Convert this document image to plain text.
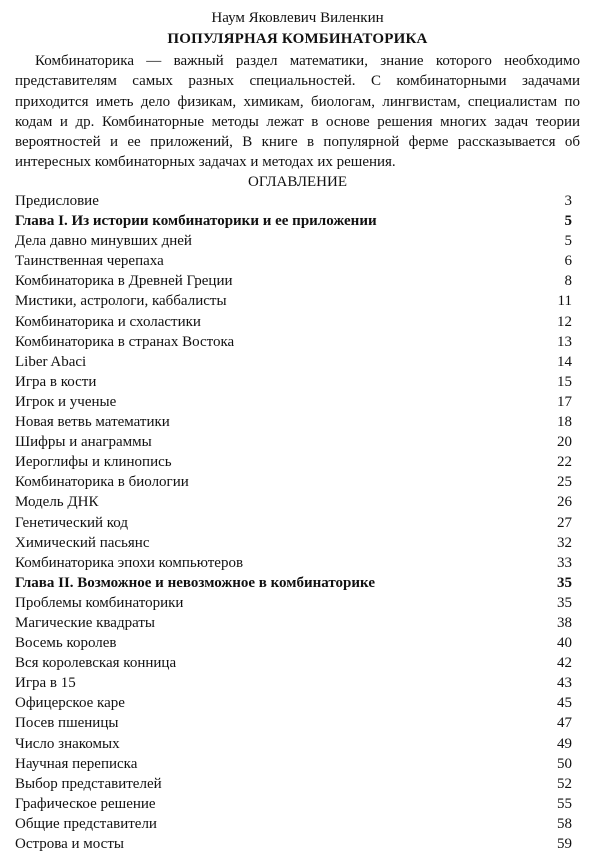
Наум Яковлевич Виленкин
ПОПУЛЯРНАЯ КОМБИНАТОРИКА

Комбинаторика — важный раздел математики, знание которого необходимо представителям самых разных специальностей. С комбинаторными задачами приходится иметь дело физикам, химикам, биологам, лингвистам, специалистам по кодам и др. Комбинаторные методы лежат в основе решения многих задач теории вероятностей и ее приложений, В книге в популярной ферме рассказывается об интересных комбинаторных задачах и методах их решения.

ОГЛАВЛЕНИЕ
Предисловие	3
Глава I. Из истории комбинаторики и ее приложении	5
Дела давно минувших дней	5
Таинственная черепаха	6
Комбинаторика в Древней Греции	8
Мистики, астрологи, каббалисты	11
Комбинаторика и схоластики	12
Комбинаторика в странах Востока	13
Liber Abaci	14
Игра в кости	15
Игрок и ученые	17
Новая ветвь математики	18
Шифры и анаграммы	20
Иероглифы и клинопись	22
Комбинаторика в биологии	25
Модель ДНК	26
Генетический код	27
Химический пасьянс	32
Комбинаторика эпохи компьютеров	33
Глава II. Возможное и невозможное в комбинаторике	35
Проблемы комбинаторики	35
Магические квадраты	38
Восемь королев	40
Вся королевская конница	42
Игра в 15	43
Офицерское каре	45
Посев пшеницы	47
Число знакомых	49
Научная переписка	50
Выбор представителей	52
Графическое решение	55
Общие представители	58
Острова и мосты	59
